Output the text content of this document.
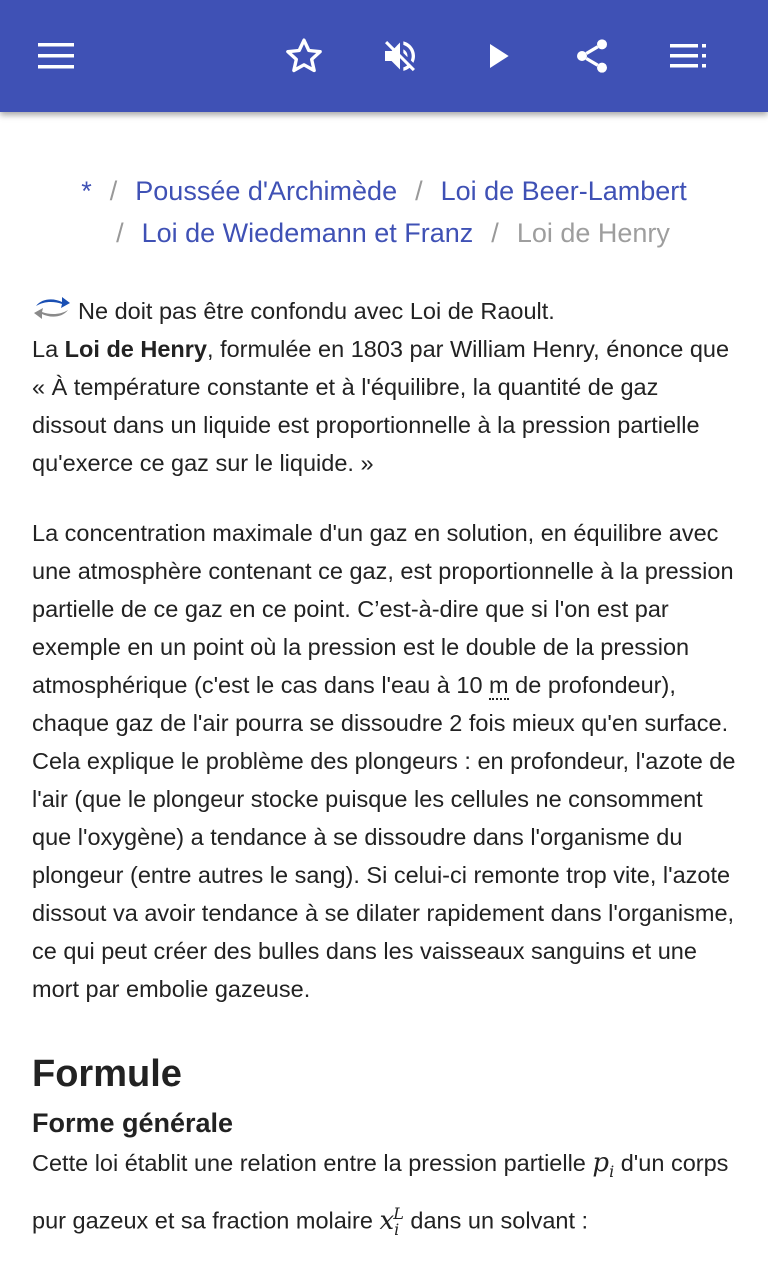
* / Poussée d'Archimède / Loi de Beer-Lambert
/ Loi de Wiedemann et Franz / Loi de Henry
Ne doit pas être confondu avec Loi de Raoult.

La Loi de Henry, formulée en 1803 par William Henry, énonce que « À température constante et à l'équilibre, la quantité de gaz dissout dans un liquide est proportionnelle à la pression partielle qu'exerce ce gaz sur le liquide. »

La concentration maximale d'un gaz en solution, en équilibre avec une atmosphère contenant ce gaz, est proportionnelle à la pression partielle de ce gaz en ce point. C’est-à-dire que si l'on est par exemple en un point où la pression est le double de la pression atmosphérique (c'est le cas dans l'eau à 10 m de profondeur), chaque gaz de l'air pourra se dissoudre 2 fois mieux qu'en surface. Cela explique le problème des plongeurs : en profondeur, l'azote de l'air (que le plongeur stocke puisque les cellules ne consomment que l'oxygène) a tendance à se dissoudre dans l'organisme du plongeur (entre autres le sang). Si celui-ci remonte trop vite, l'azote dissout va avoir tendance à se dilater rapidement dans l'organisme, ce qui peut créer des bulles dans les vaisseaux sanguins et une mort par embolie gazeuse.

Formule
Forme générale

Cette loi établit une relation entre la pression partielle $p_i$ d'un corps pur gazeux et sa fraction molaire $x_i^L$ dans un solvant :
